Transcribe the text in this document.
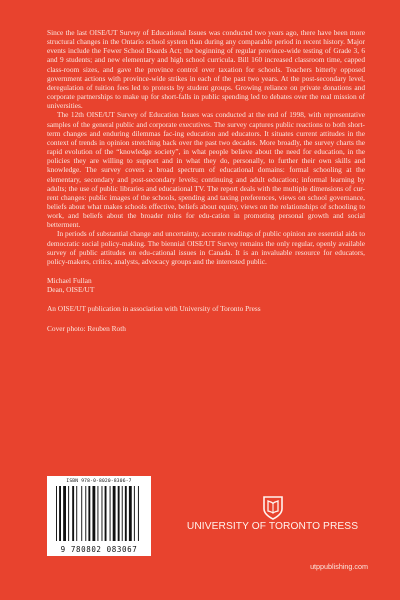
Since the last OISE/UT Survey of Educational Issues was conducted two years ago, there have been more structural changes in the Ontario school system than during any comparable period in recent history. Major events include the Fewer School Boards Act; the beginning of regular province-wide testing of Grade 3, 6 and 9 students; and new elementary and high school curricula. Bill 160 increased classroom time, capped class-room sizes, and gave the province control over taxation for schools. Teachers bitterly opposed government actions with province-wide strikes in each of the past two years. At the post-secondary level, deregulation of tuition fees led to protests by student groups. Growing reliance on private donations and corporate partnerships to make up for short-falls in public spending led to debates over the real mission of universities.

The 12th OISE/UT Survey of Education Issues was conducted at the end of 1998, with representative samples of the general public and corporate executives. The survey captures public reactions to both short-term changes and enduring dilemmas fac-ing education and educators. It situates current attitudes in the context of trends in opinion stretching back over the past two decades. More broadly, the survey charts the rapid evolution of the “knowledge society”, in what people believe about the need for education, in the policies they are willing to support and in what they do, personally, to further their own skills and knowledge. The survey covers a broad spectrum of educational domains: formal schooling at the elementary, secondary and post-secondary levels; continuing and adult education; informal learning by adults; the use of public libraries and educational TV. The report deals with the multiple dimensions of cur-rent changes: public images of the schools, spending and taxing preferences, views on school governance, beliefs about what makes schools effective, beliefs about equity, views on the relationships of schooling to work, and beliefs about the broader roles for edu-cation in promoting personal growth and social betterment.

In periods of substantial change and uncertainty, accurate readings of public opinion are essential aids to democratic social policy-making. The biennial OISE/UT Survey remains the only regular, openly available survey of public attitudes on edu-cational issues in Canada. It is an invaluable resource for educators, policy-makers, critics, analysts, advocacy groups and the interested public.

Michael Fullan

Dean, OISE/UT

An OISE/UT publication in association with University of Toronto Press

Cover photo: Reuben Roth

ISBN 978-0-8020-8306-7
9 780802 083067
UNIVERSITY OF TORONTO PRESS
utppublishing.com
